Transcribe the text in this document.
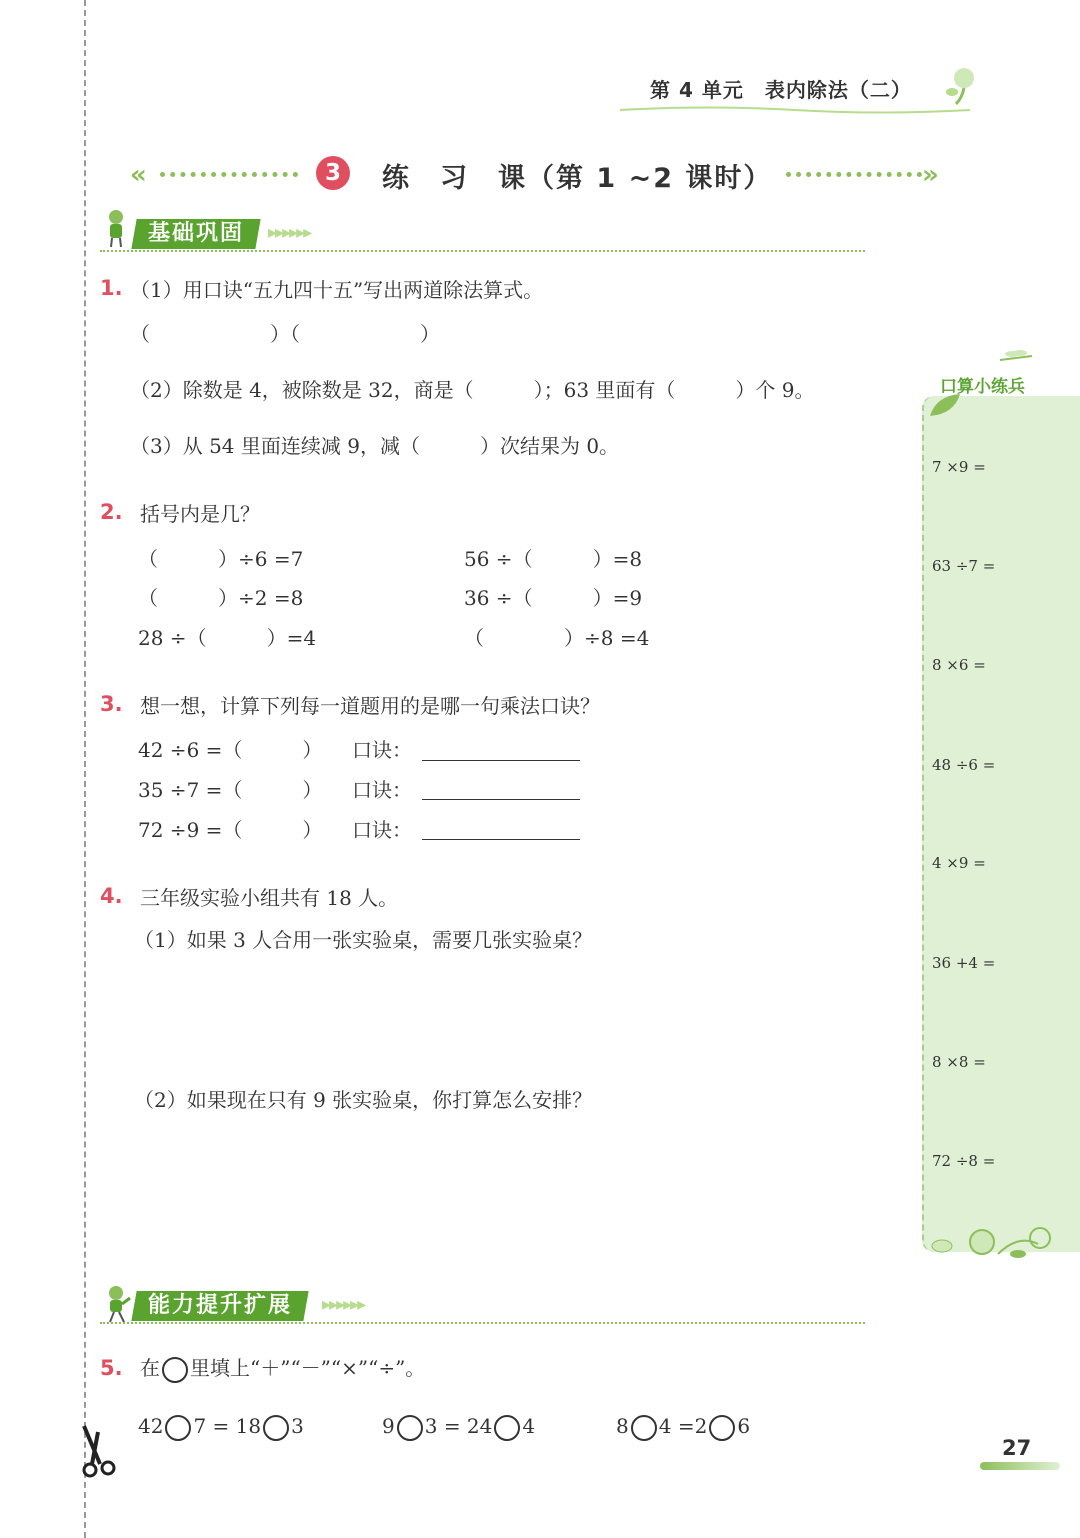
第 4 单元　表内除法（二）
«	3	练　习　课（第 1 ~2 课时）	»
基础巩固	▸▸▸▸▸▸
1. （1）用口诀“五九四十五”写出两道除法算式。
（　　　　　　）（　　　　　　）
（2）除数是 4，被除数是 32，商是（　　　）；63 里面有（　　　）个 9。
（3）从 54 里面连续减 9，减（　　　）次结果为 0。
2. 括号内是几？
（　　　）÷6 =7	56 ÷（　　　）=8
（　　　）÷2 =8	36 ÷（　　　）=9
28 ÷（　　　）=4	（　　　　）÷8 =4
3. 想一想，计算下列每一道题用的是哪一句乘法口诀？
42 ÷6 =（　　　） 口诀：
35 ÷7 =（　　　） 口诀：
72 ÷9 =（　　　） 口诀：
4. 三年级实验小组共有 18 人。
（1）如果 3 人合用一张实验桌，需要几张实验桌？
（2）如果现在只有 9 张实验桌，你打算怎么安排？
能力提升扩展	▸▸▸▸▸▸
5. 在 里填上“＋”“－”“×”“÷”。
42 7 = 18 3	9 3 = 24 4	8 4 =2 6
口算小练兵
7 ×9 =
63 ÷7 =
8 ×6 =
48 ÷6 =
4 ×9 =
36 +4 =
8 ×8 =
72 ÷8 =
27
